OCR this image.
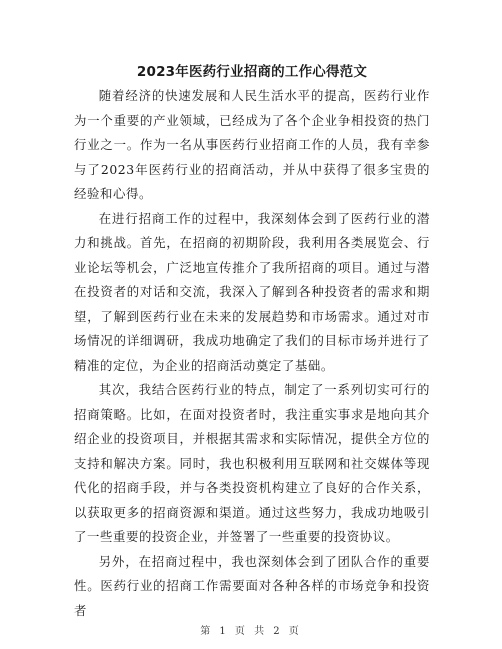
2023年医药行业招商的工作心得范文

随着经济的快速发展和人民生活水平的提高，医药行业作为一个重要的产业领域，已经成为了各个企业争相投资的热门行业之一。作为一名从事医药行业招商工作的人员，我有幸参与了2023年医药行业的招商活动，并从中获得了很多宝贵的经验和心得。

在进行招商工作的过程中，我深刻体会到了医药行业的潜力和挑战。首先，在招商的初期阶段，我利用各类展览会、行业论坛等机会，广泛地宣传推介了我所招商的项目。通过与潜在投资者的对话和交流，我深入了解到各种投资者的需求和期望，了解到医药行业在未来的发展趋势和市场需求。通过对市场情况的详细调研，我成功地确定了我们的目标市场并进行了精准的定位，为企业的招商活动奠定了基础。

其次，我结合医药行业的特点，制定了一系列切实可行的招商策略。比如，在面对投资者时，我注重实事求是地向其介绍企业的投资项目，并根据其需求和实际情况，提供全方位的支持和解决方案。同时，我也积极利用互联网和社交媒体等现代化的招商手段，并与各类投资机构建立了良好的合作关系，以获取更多的招商资源和渠道。通过这些努力，我成功地吸引了一些重要的投资企业，并签署了一些重要的投资协议。

另外，在招商过程中，我也深刻体会到了团队合作的重要性。医药行业的招商工作需要面对各种各样的市场竞争和投资者

第 1 页 共 2 页
